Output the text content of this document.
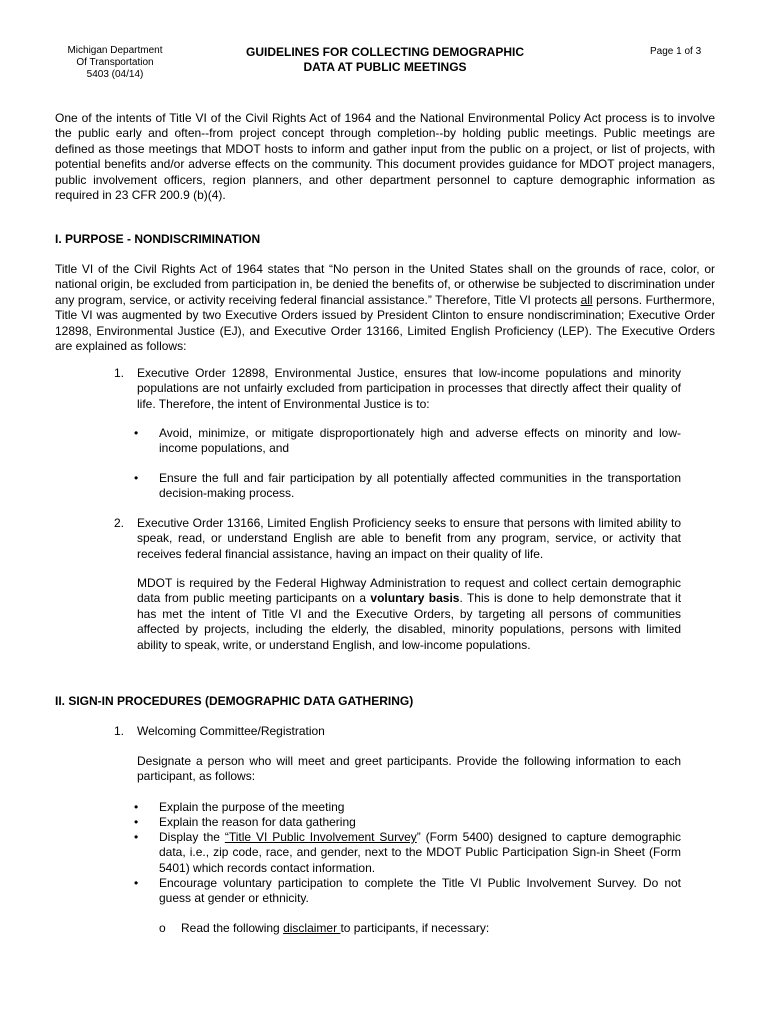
Michigan Department
Of Transportation
5403 (04/14)
GUIDELINES FOR COLLECTING DEMOGRAPHIC
DATA AT PUBLIC MEETINGS
Page 1 of 3

One of the intents of Title VI of the Civil Rights Act of 1964 and the National Environmental Policy Act process is to involve the public early and often--from project concept through completion--by holding public meetings. Public meetings are defined as those meetings that MDOT hosts to inform and gather input from the public on a project, or list of projects, with potential benefits and/or adverse effects on the community. This document provides guidance for MDOT project managers, public involvement officers, region planners, and other department personnel to capture demographic information as required in 23 CFR 200.9 (b)(4).

I. PURPOSE - NONDISCRIMINATION

Title VI of the Civil Rights Act of 1964 states that “No person in the United States shall on the grounds of race, color, or national origin, be excluded from participation in, be denied the benefits of, or otherwise be subjected to discrimination under any program, service, or activity receiving federal financial assistance.” Therefore, Title VI protects all persons. Furthermore, Title VI was augmented by two Executive Orders issued by President Clinton to ensure nondiscrimination; Executive Order 12898, Environmental Justice (EJ), and Executive Order 13166, Limited English Proficiency (LEP). The Executive Orders are explained as follows:

1. Executive Order 12898, Environmental Justice, ensures that low-income populations and minority populations are not unfairly excluded from participation in processes that directly affect their quality of life. Therefore, the intent of Environmental Justice is to:

• Avoid, minimize, or mitigate disproportionately high and adverse effects on minority and low-income populations, and

• Ensure the full and fair participation by all potentially affected communities in the transportation decision-making process.

2. Executive Order 13166, Limited English Proficiency seeks to ensure that persons with limited ability to speak, read, or understand English are able to benefit from any program, service, or activity that receives federal financial assistance, having an impact on their quality of life.

MDOT is required by the Federal Highway Administration to request and collect certain demographic data from public meeting participants on a voluntary basis. This is done to help demonstrate that it has met the intent of Title VI and the Executive Orders, by targeting all persons of communities affected by projects, including the elderly, the disabled, minority populations, persons with limited ability to speak, write, or understand English, and low-income populations.

II. SIGN-IN PROCEDURES (DEMOGRAPHIC DATA GATHERING)

1. Welcoming Committee/Registration

Designate a person who will meet and greet participants. Provide the following information to each participant, as follows:

• Explain the purpose of the meeting

• Explain the reason for data gathering

• Display the “Title VI Public Involvement Survey” (Form 5400) designed to capture demographic data, i.e., zip code, race, and gender, next to the MDOT Public Participation Sign-in Sheet (Form 5401) which records contact information.

• Encourage voluntary participation to complete the Title VI Public Involvement Survey. Do not guess at gender or ethnicity.

o Read the following disclaimer to participants, if necessary:
